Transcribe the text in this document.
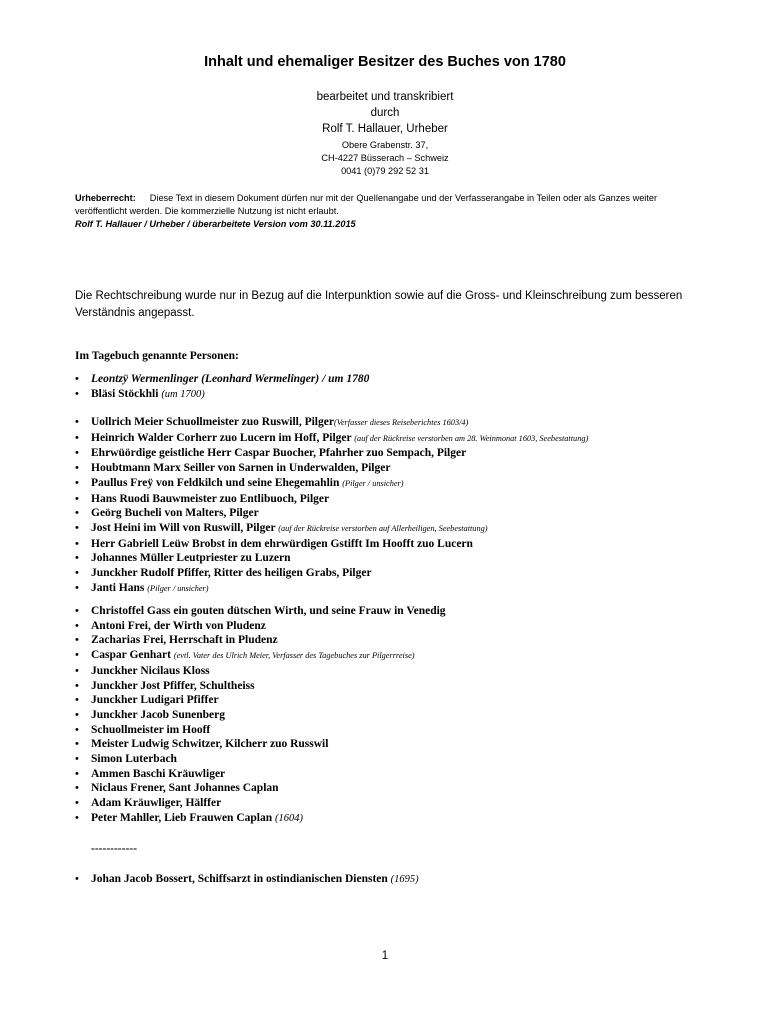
Inhalt und ehemaliger Besitzer des Buches von 1780
bearbeitet und transkribiert
durch
Rolf T. Hallauer, Urheber
Obere Grabenstr. 37,
CH-4227 Büsserach – Schweiz
0041 (0)79 292 52 31
Urheberrecht: Diese Text in diesem Dokument dürfen nur mit der Quellenangabe und der Verfasserangabe in Teilen oder als Ganzes weiter veröffentlicht werden. Die kommerzielle Nutzung ist nicht erlaubt.
Rolf T. Hallauer / Urheber / überarbeitete Version vom 30.11.2015
Die Rechtschreibung wurde nur in Bezug auf die Interpunktion sowie auf die Gross- und Kleinschreibung zum besseren Verständnis angepasst.
Im Tagebuch genannte Personen:
• Leontzÿ Wermenlinger (Leonhard Wermelinger) / um 1780
• Bläsi Stöckhli (um 1700)
• Uollrich Meier Schuollmeister zuo Ruswill, Pilger(Verfasser dieses Reiseberichtes 1603/4)
• Heinrich Walder Corherr zuo Lucern im Hoff, Pilger (auf der Rückreise verstorben am 28. Weinmonat 1603, Seebestattung)
• Ehrwüördige geistliche Herr Caspar Buocher, Pfahrher zuo Sempach, Pilger
• Houbtmann Marx Seiller von Sarnen in Underwalden, Pilger
• Paullus Freÿ von Feldkilch und seine Ehegemahlin (Pilger / unsicher)
• Hans Ruodi Bauwmeister zuo Entlibuoch, Pilger
• Geörg Bucheli von Malters, Pilger
• Jost Heini im Will von Ruswill, Pilger (auf der Rückreise verstorben auf Allerheiligen, Seebestattung)
• Herr Gabriell Leüw Brobst in dem ehrwürdigen Gstifft Im Hoofft zuo Lucern
• Johannes Müller Leutpriester zu Luzern
• Junckher Rudolf Pfiffer, Ritter des heiligen Grabs, Pilger
• Janti Hans (Pilger / unsicher)
• Christoffel Gass ein gouten dütschen Wirth, und seine Frauw in Venedig
• Antoni Frei, der Wirth von Pludenz
• Zacharias Frei, Herrschaft in Pludenz
• Caspar Genhart (evtl. Vater des Ulrich Meier, Verfasser des Tagebuches zur Pilgerrreise)
• Junckher Nicilaus Kloss
• Junckher Jost Pfiffer, Schultheiss
• Junckher Ludigari Pfiffer
• Junckher Jacob Sunenberg
• Schuollmeister im Hooff
• Meister Ludwig Schwitzer, Kilcherr zuo Russwil
• Simon Luterbach
• Ammen Baschi Kräuwliger
• Niclaus Frener, Sant Johannes Caplan
• Adam Kräuwliger, Hälffer
• Peter Mahller, Lieb Frauwen Caplan (1604)
------------
• Johan Jacob Bossert, Schiffsarzt in ostindianischen Diensten (1695)
1
